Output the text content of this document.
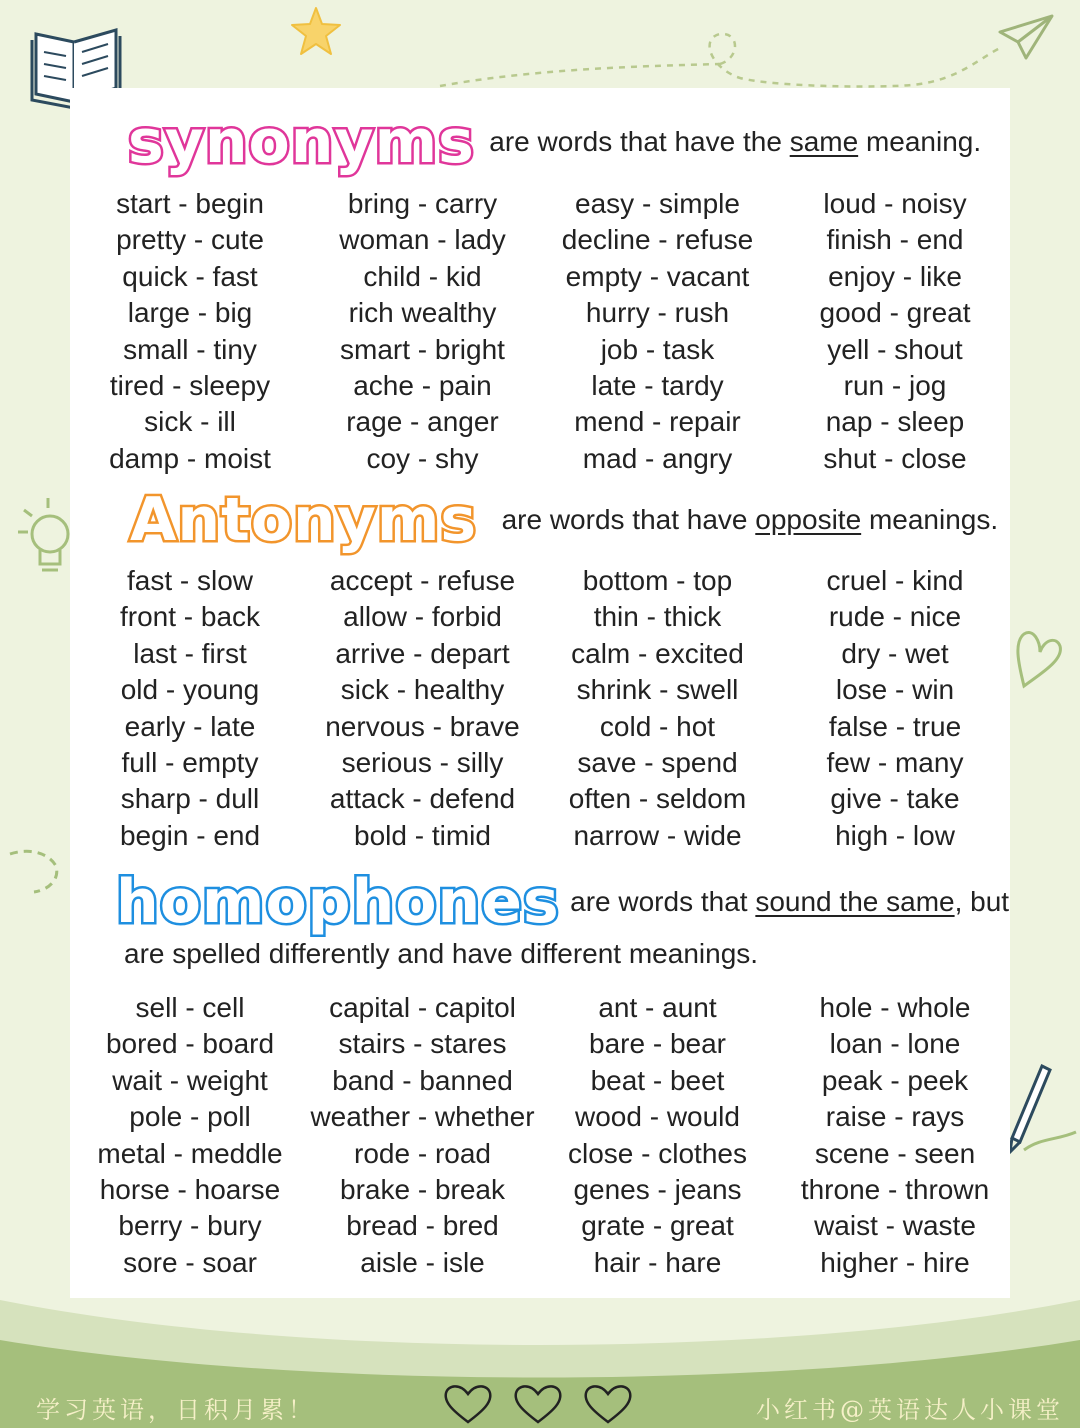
synonyms are words that have the same meaning.
start - begin
pretty - cute
quick - fast
large - big
small - tiny
tired - sleepy
sick - ill
damp - moist
bring - carry
woman - lady
child - kid
rich wealthy
smart - bright
ache - pain
rage - anger
coy - shy
easy - simple
decline - refuse
empty - vacant
hurry - rush
job - task
late - tardy
mend - repair
mad - angry
loud - noisy
finish - end
enjoy - like
good - great
yell - shout
run - jog
nap - sleep
shut - close
Antonyms are words that have opposite meanings.
fast - slow
front - back
last - first
old - young
early - late
full - empty
sharp - dull
begin - end
accept - refuse
allow - forbid
arrive - depart
sick - healthy
nervous - brave
serious - silly
attack - defend
bold - timid
bottom - top
thin - thick
calm - excited
shrink - swell
cold - hot
save - spend
often - seldom
narrow - wide
cruel - kind
rude - nice
dry - wet
lose - win
false - true
few - many
give - take
high - low
homophones are words that sound the same, but
are spelled differently and have different meanings.
sell - cell
bored - board
wait - weight
pole - poll
metal - meddle
horse - hoarse
berry - bury
sore - soar
capital - capitol
stairs - stares
band - banned
weather - whether
rode - road
brake - break
bread - bred
aisle - isle
ant - aunt
bare - bear
beat - beet
wood - would
close - clothes
genes - jeans
grate - great
hair - hare
hole - whole
loan - lone
peak - peek
raise - rays
scene - seen
throne - thrown
waist - waste
higher - hire
学习英语，日积月累！	小红书@英语达人小课堂
